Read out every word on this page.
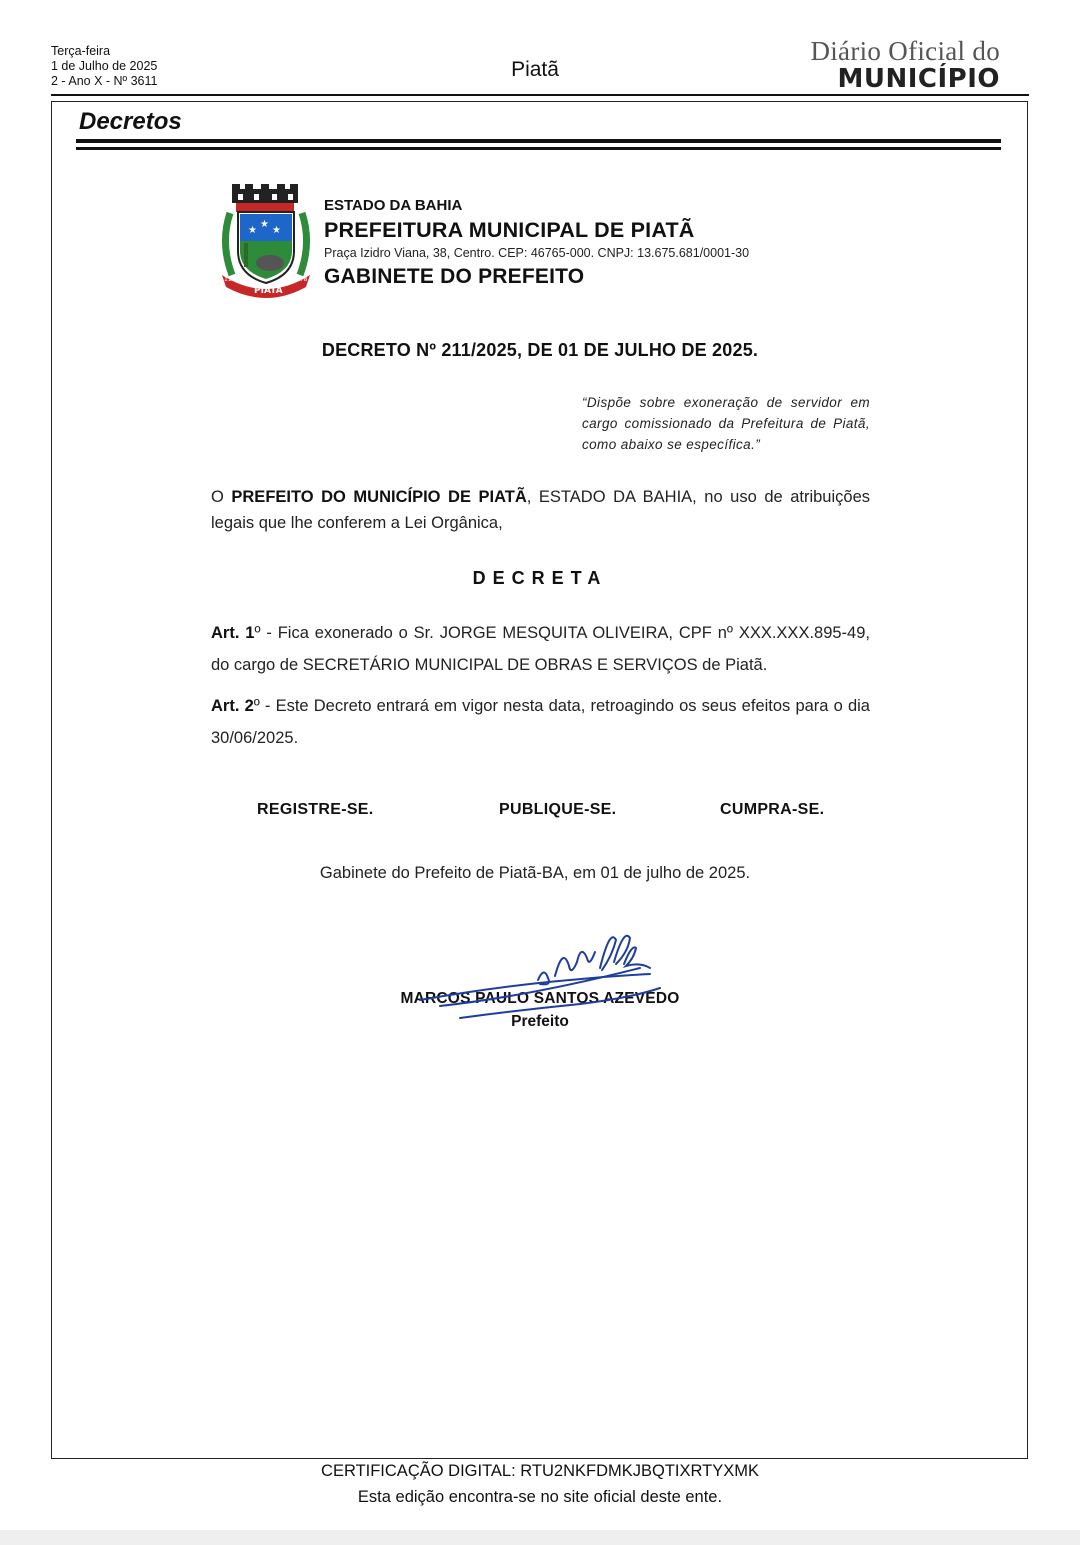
Terça-feira
1 de Julho de 2025
2 - Ano X - Nº 3611	Piatã
Diário Oficial do
MUNICÍPIO
Decretos
★
★
★
PIATÃ
11.01	1878
ESTADO DA BAHIA
PREFEITURA MUNICIPAL DE PIATÃ
Praça Izidro Viana, 38, Centro. CEP: 46765-000. CNPJ: 13.675.681/0001-30
GABINETE DO PREFEITO
DECRETO Nº 211/2025, DE 01 DE JULHO DE 2025.
“Dispõe sobre exoneração de servidor em cargo comissionado da Prefeitura de Piatã, como abaixo se específica.”
O PREFEITO DO MUNICÍPIO DE PIATÃ, ESTADO DA BAHIA, no uso de atribuições legais que lhe conferem a Lei Orgânica,
DECRETA
Art. 1º - Fica exonerado o Sr. JORGE MESQUITA OLIVEIRA, CPF nº XXX.XXX.895-49, do cargo de SECRETÁRIO MUNICIPAL DE OBRAS E SERVIÇOS de Piatã.
Art. 2º - Este Decreto entrará em vigor nesta data, retroagindo os seus efeitos para o dia 30/06/2025.
REGISTRE-SE.	PUBLIQUE-SE.	CUMPRA-SE.
Gabinete do Prefeito de Piatã-BA, em 01 de julho de 2025.
MARCOS PAULO SANTOS AZEVEDO
Prefeito
CERTIFICAÇÃO DIGITAL: RTU2NKFDMKJBQTIXRTYXMK
Esta edição encontra-se no site oficial deste ente.
